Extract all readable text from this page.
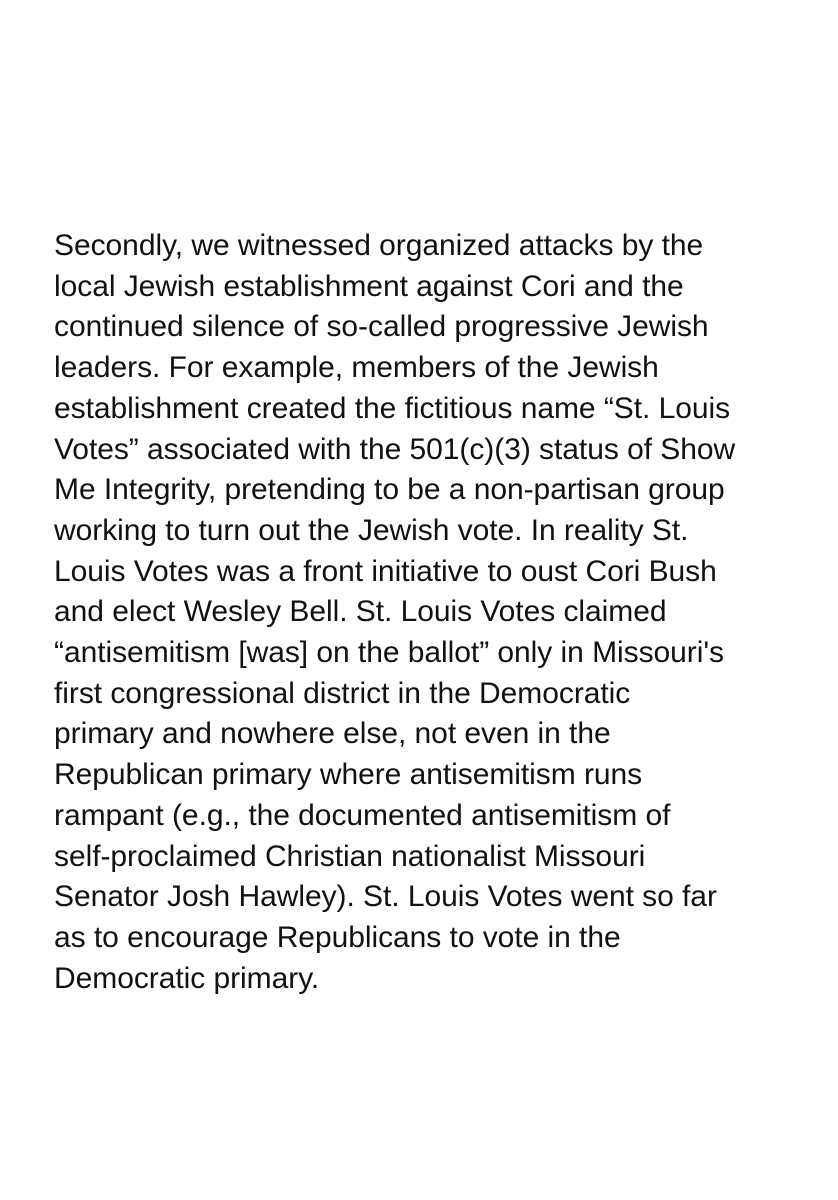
Secondly, we witnessed organized attacks by the
local Jewish establishment against Cori and the
continued silence of so-called progressive Jewish
leaders. For example, members of the Jewish
establishment created the fictitious name “St. Louis
Votes” associated with the 501(c)(3) status of Show
Me Integrity, pretending to be a non-partisan group
working to turn out the Jewish vote. In reality St.
Louis Votes was a front initiative to oust Cori Bush
and elect Wesley Bell. St. Louis Votes claimed
“antisemitism [was] on the ballot” only in Missouri's
first congressional district in the Democratic
primary and nowhere else, not even in the
Republican primary where antisemitism runs
rampant (e.g., the documented antisemitism of
self-proclaimed Christian nationalist Missouri
Senator Josh Hawley). St. Louis Votes went so far
as to encourage Republicans to vote in the
Democratic primary.
